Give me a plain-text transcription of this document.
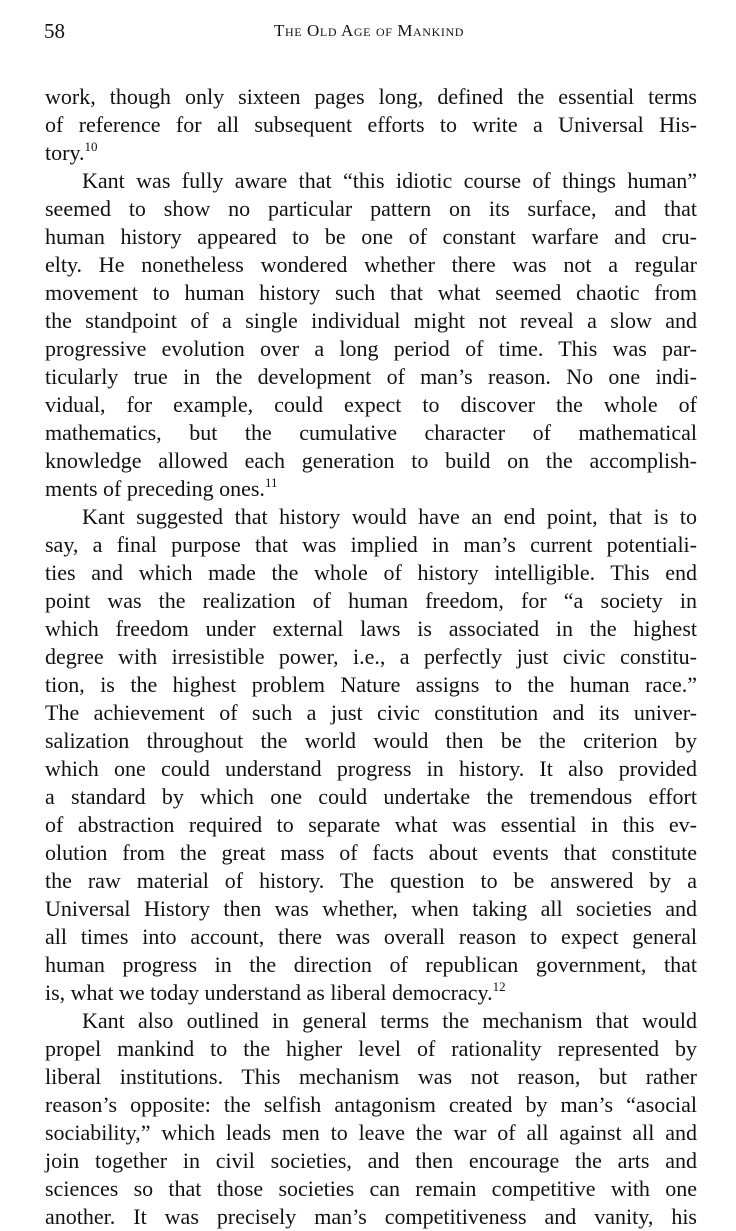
58	The Old Age of Mankind
work, though only sixteen pages long, defined the essential terms
of reference for all subsequent efforts to write a Universal His-
tory.$^{10}$
Kant was fully aware that “this idiotic course of things human”
seemed to show no particular pattern on its surface, and that
human history appeared to be one of constant warfare and cru-
elty. He nonetheless wondered whether there was not a regular
movement to human history such that what seemed chaotic from
the standpoint of a single individual might not reveal a slow and
progressive evolution over a long period of time. This was par-
ticularly true in the development of man’s reason. No one indi-
vidual, for example, could expect to discover the whole of
mathematics, but the cumulative character of mathematical
knowledge allowed each generation to build on the accomplish-
ments of preceding ones.$^{11}$
Kant suggested that history would have an end point, that is to
say, a final purpose that was implied in man’s current potentiali-
ties and which made the whole of history intelligible. This end
point was the realization of human freedom, for “a society in
which freedom under external laws is associated in the highest
degree with irresistible power, i.e., a perfectly just civic constitu-
tion, is the highest problem Nature assigns to the human race.”
The achievement of such a just civic constitution and its univer-
salization throughout the world would then be the criterion by
which one could understand progress in history. It also provided
a standard by which one could undertake the tremendous effort
of abstraction required to separate what was essential in this ev-
olution from the great mass of facts about events that constitute
the raw material of history. The question to be answered by a
Universal History then was whether, when taking all societies and
all times into account, there was overall reason to expect general
human progress in the direction of republican government, that
is, what we today understand as liberal democracy.$^{12}$
Kant also outlined in general terms the mechanism that would
propel mankind to the higher level of rationality represented by
liberal institutions. This mechanism was not reason, but rather
reason’s opposite: the selfish antagonism created by man’s “asocial
sociability,” which leads men to leave the war of all against all and
join together in civil societies, and then encourage the arts and
sciences so that those societies can remain competitive with one
another. It was precisely man’s competitiveness and vanity, his
